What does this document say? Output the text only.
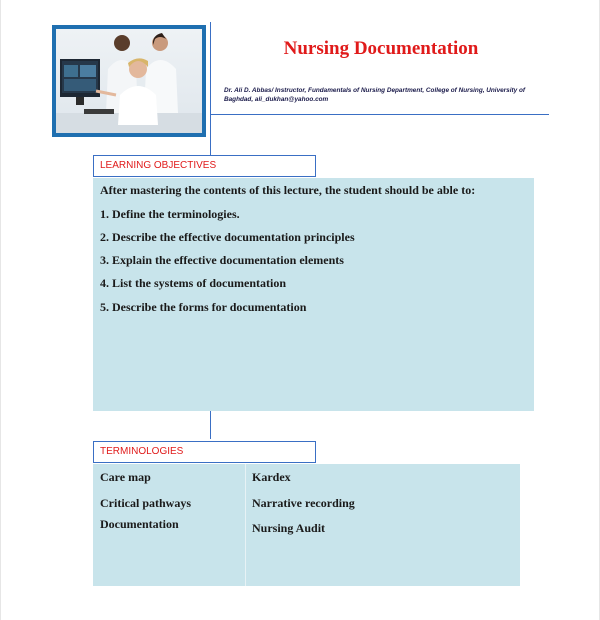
Nursing Documentation
Dr. Ali D. Abbas/ Instructor, Fundamentals of Nursing Department, College of Nursing, University of
Baghdad, ali_dukhan@yahoo.com
LEARNING OBJECTIVES
After mastering the contents of this lecture, the student should be able to:
1. Define the terminologies.
2. Describe the effective documentation principles
3. Explain the effective documentation elements
4. List the systems of documentation
5. Describe the forms for documentation
TERMINOLOGIES
Care map
Critical pathways
Documentation
Kardex
Narrative recording
Nursing Audit
